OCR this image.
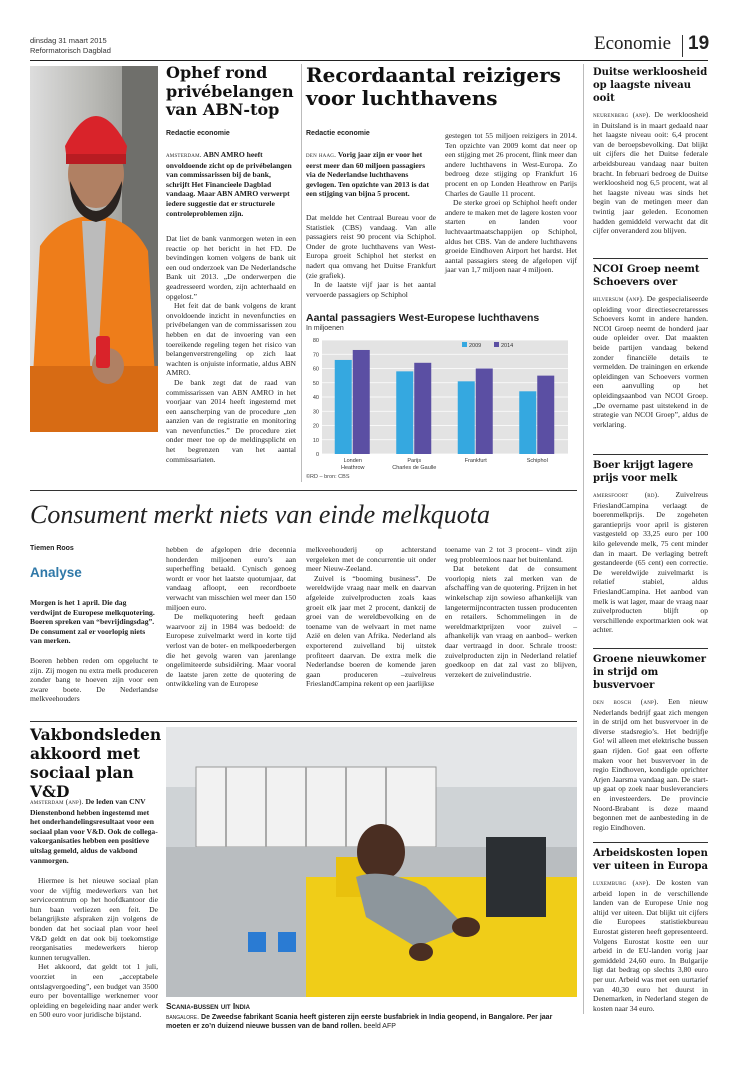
dinsdag 31 maart 2015
Reformatorisch Dagblad	Economie 19
Ophef rond privébelangen van ABN-top
Redactie economie
amsterdam. ABN AMRO heeft onvoldoende zicht op de privébelangen van commissarissen bij de bank, schrijft Het Financieele Dagblad vandaag. Maar ABN AMRO verwerpt iedere suggestie dat er structurele controleproblemen zijn.

Dat liet de bank vanmorgen weten in een reactie op het bericht in het FD. De bevindingen komen volgens de bank uit een oud onderzoek van De Nederlandsche Bank uit 2013. „De onderwerpen die geadresseerd worden, zijn achterhaald en opgelost.”

Het feit dat de bank volgens de krant onvoldoende inzicht in nevenfuncties en privébelangen van de commissarissen zou hebben en dat de invoering van een toereikende regeling tegen het risico van belangenverstrengeling op zich laat wachten is onjuiste informatie, aldus ABN AMRO.

De bank zegt dat de raad van commissarissen van ABN AMRO in het voorjaar van 2014 heeft ingestemd met een aanscherping van de procedure „ten aanzien van de registratie en monitoring van nevenfuncties.” De procedure ziet onder meer toe op de meldingsplicht en het begrenzen van het aantal commissariaten.

Recordaantal reizigers voor luchthavens
Redactie economie
den haag. Vorig jaar zijn er voor het eerst meer dan 60 miljoen passagiers via de Nederlandse luchthavens gevlogen. Ten opzichte van 2013 is dat een stijging van bijna 5 procent.

Dat meldde het Centraal Bureau voor de Statistiek (CBS) vandaag. Van alle passagiers reist 90 procent via Schiphol. Onder de grote luchthavens van West-Europa groeit Schiphol het sterkst en nadert qua omvang het Duitse Frankfurt (zie grafiek).

In de laatste vijf jaar is het aantal vervoerde passagiers op Schiphol

gestegen tot 55 miljoen reizigers in 2014. Ten opzichte van 2009 komt dat neer op een stijging met 26 procent, flink meer dan andere luchthavens in West-Europa. Zo bedroeg deze stijging op Frankfurt 16 procent en op Londen Heathrow en Parijs Charles de Gaulle 11 procent.

De sterke groei op Schiphol heeft onder andere te maken met de lagere kosten voor starten en landen voor luchtvaartmaatschappijen op Schiphol, aldus het CBS. Van de andere luchthavens groeide Eindhoven Airport het hardst. Het aantal passagiers steeg de afgelopen vijf jaar van 1,7 miljoen naar 4 miljoen.

Aantal passagiers West-Europese luchthavens
In miljoenen
0
10
20
30
40
50
60
70
80
Londen
Heathrow
Parijs
Charles de Gaulle
Frankfurt	Schiphol
2009	2014
©RD – bron: CBS
Consument merkt niets van einde melkquota
Tiemen Roos
Analyse
Morgen is het 1 april. Die dag verdwijnt de Europese melkquotering. Boeren spreken van “bevrijdingsdag”. De consument zal er voorlopig niets van merken.
Boeren hebben reden om opgelucht te zijn. Zij mogen nu extra melk produceren zonder bang te hoeven zijn voor een zware boete. De Nederlandse melkveehouders

hebben de afgelopen drie decennia honderden miljoenen euro’s aan superheffing betaald. Cynisch genoeg wordt er voor het laatste quotumjaar, dat vandaag afloopt, een recordboete verwacht van misschien wel meer dan 150 miljoen euro.

De melkquotering heeft gedaan waarvoor zij in 1984 was bedoeld: de Europese zuivelmarkt werd in korte tijd verlost van de boter- en melkpoederbergen die het gevolg waren van jarenlange ongelimiteerde subsidiëring. Maar vooral de laatste jaren zette de quotering de ontwikkeling van de Europese

melkveehouderij op achterstand vergeleken met de concurrentie uit onder meer Nieuw-Zeeland.

Zuivel is “booming business”. De wereldwijde vraag naar melk en daarvan afgeleide zuivelproducten zoals kaas groeit elk jaar met 2 procent, dankzij de groei van de wereldbevolking en de toename van de welvaart in met name Azië en delen van Afrika. Nederland als exporterend zuivelland bij uitstek profiteert daarvan. De extra melk die Nederlandse boeren de komende jaren gaan produceren –zuivelreus FrieslandCampina rekent op een jaarlijkse

toename van 2 tot 3 procent– vindt zijn weg probleemloos naar het buitenland.

Dat betekent dat de consument voorlopig niets zal merken van de afschaffing van de quotering. Prijzen in het winkelschap zijn sowieso afhankelijk van langetermijncontracten tussen producenten en retailers. Schommelingen in de wereldmarktprijzen voor zuivel –afhankelijk van vraag en aanbod– werken daar vertraagd in door. Schrale troost: zuivelproducten zijn in Nederland relatief goedkoop en dat zal vast zo blijven, verzekert de zuivelindustrie.

Vakbondsleden akkoord met sociaal plan V&D
amsterdam (anp). De leden van CNV Dienstenbond hebben ingestemd met het onderhandelingsresultaat voor een sociaal plan voor V&D. Ook de collega-vakorganisaties hebben een positieve uitslag gemeld, aldus de vakbond vanmorgen.

Hiermee is het nieuwe sociaal plan voor de vijftig medewerkers van het servicecentrum op het hoofdkantoor die hun baan verliezen een feit. De belangrijkste afspraken zijn volgens de bonden dat het sociaal plan voor heel V&D geldt en dat ook bij toekomstige reorganisaties medewerkers hierop kunnen terugvallen.

Het akkoord, dat geldt tot 1 juli, voorziet in een „acceptabele ontslagvergoeding”, een budget van 3500 euro per boventallige werknemer voor opleiding en begeleiding naar ander werk en 500 euro voor juridische bijstand.

Scania-bussen uit India
bangalore. De Zweedse fabrikant Scania heeft gisteren zijn eerste busfabriek in India geopend, in Bangalore. Per jaar moeten er zo’n duizend nieuwe bussen van de band rollen. beeld AFP
Duitse werkloosheid op laagste niveau ooit
neurenberg (anp). De werkloosheid in Duitsland is in maart gedaald naar het laagste niveau ooit: 6,4 procent van de beroepsbevolking. Dat blijkt uit cijfers die het Duitse federale arbeidsbureau vandaag naar buiten bracht. In februari bedroeg de Duitse werkloosheid nog 6,5 procent, wat al het laagste niveau was sinds het begin van de metingen meer dan twintig jaar geleden. Economen hadden gemiddeld verwacht dat dit cijfer onveranderd zou blijven.
NCOI Groep neemt Schoevers over
hilversum (anp). De gespecialiseerde opleiding voor directiesecretaresses Schoevers komt in andere handen. NCOI Groep neemt de honderd jaar oude opleider over. Dat maakten beide partijen vandaag bekend zonder financiële details te vermelden. De trainingen en erkende opleidingen van Schoevers vormen een aanvulling op het opleidingsaanbod van NCOI Groep. „De overname past uitstekend in de strategie van NCOI Groep”, aldus de verklaring.
Boer krijgt lagere prijs voor melk
amersfoort (rd). Zuivelreus FrieslandCampina verlaagt de boerenmelkprijs. De zogeheten garantieprijs voor april is gisteren vastgesteld op 33,25 euro per 100 kilo gelevende melk, 75 cent minder dan in maart. De verlaging betreft gestandeerde (65 cent) een correctie. De wereldwijde zuivelmarkt is relatief stabiel, aldus FrieslandCampina. Het aanbod van melk is wat lager, maar de vraag naar zuivelproducten blijft op verschillende exportmarkten ook wat achter.
Groene nieuwkomer in strijd om busvervoer
den bosch (anp). Een nieuw Nederlands bedrijf gaat zich mengen in de strijd om het busvervoer in de diverse stadsregio’s. Het bedrijfje Go! wil alleen met elektrische bussen gaan rijden. Go! gaat een offerte maken voor het busvervoer in de regio Eindhoven, kondigde oprichter Arjen Jaarsma vandaag aan. De start-up gaat op zoek naar busleveranciers en investeerders. De provincie Noord-Brabant is deze maand begonnen met de aanbesteding in de regio Eindhoven.
Arbeidskosten lopen ver uiteen in Europa
luxemburg (anp). De kosten van arbeid lopen in de verschillende landen van de Europese Unie nog altijd ver uiteen. Dat blijkt uit cijfers die Europees statistiekbureau Eurostat gisteren heeft gepresenteerd. Volgens Eurostat kostte een uur arbeid in de EU-landen vorig jaar gemiddeld 24,60 euro. In Bulgarije ligt dat bedrag op slechts 3,80 euro per uur. Arbeid was met een uurtarief van 40,30 euro het duurst in Denemarken, in Nederland stegen de kosten naar 34 euro.
